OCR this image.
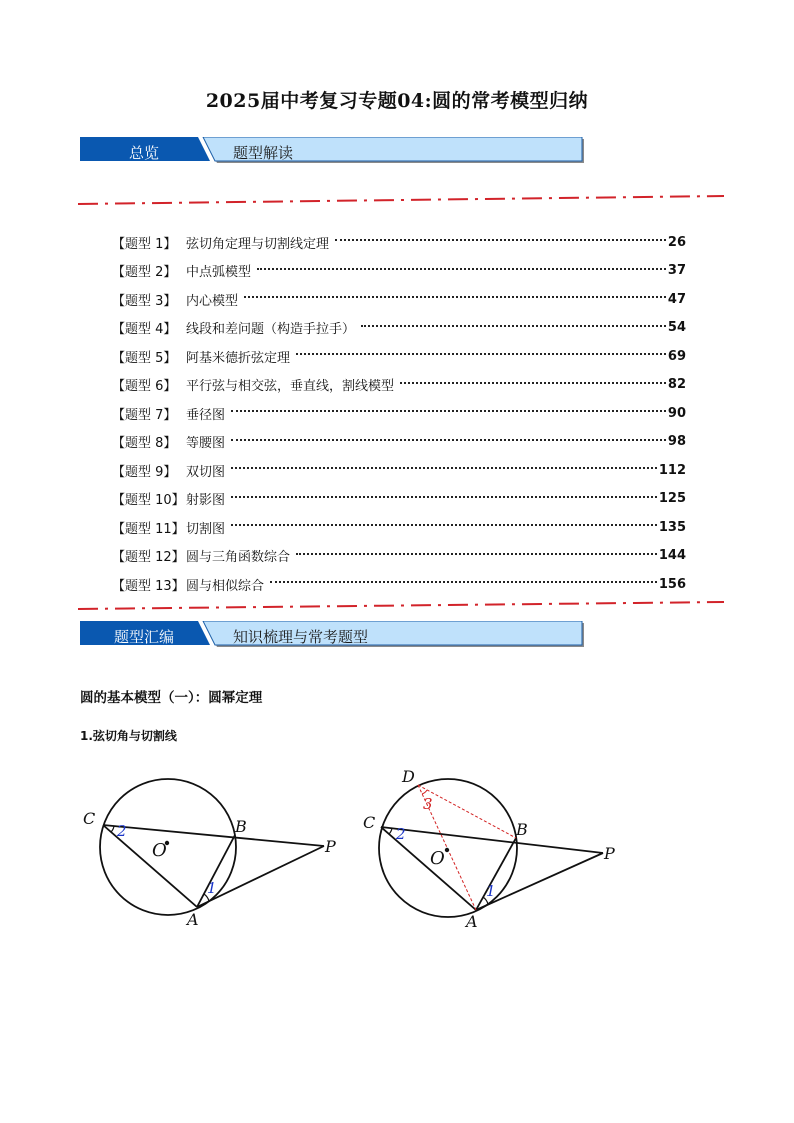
2025届中考复习专题04:圆的常考模型归纳
总览	题型解读
【题型 1】 弦切角定理与切割线定理	26
【题型 2】 中点弧模型	37
【题型 3】 内心模型	47
【题型 4】 线段和差问题（构造手拉手）	54
【题型 5】 阿基米德折弦定理	69
【题型 6】 平行弦与相交弦，垂直线，割线模型	82
【题型 7】 垂径图	90
【题型 8】 等腰图	98
【题型 9】 双切图	112
【题型 10】 射影图	125
【题型 11】 切割图	135
【题型 12】 圆与三角函数综合	144
【题型 13】 圆与相似综合	156
题型汇编	知识梳理与常考题型
圆的基本模型（一）：圆幂定理
1.弦切角与切割线
C	B
P
O
A
1
2
D
C	B
P
O
A
1
2
3
